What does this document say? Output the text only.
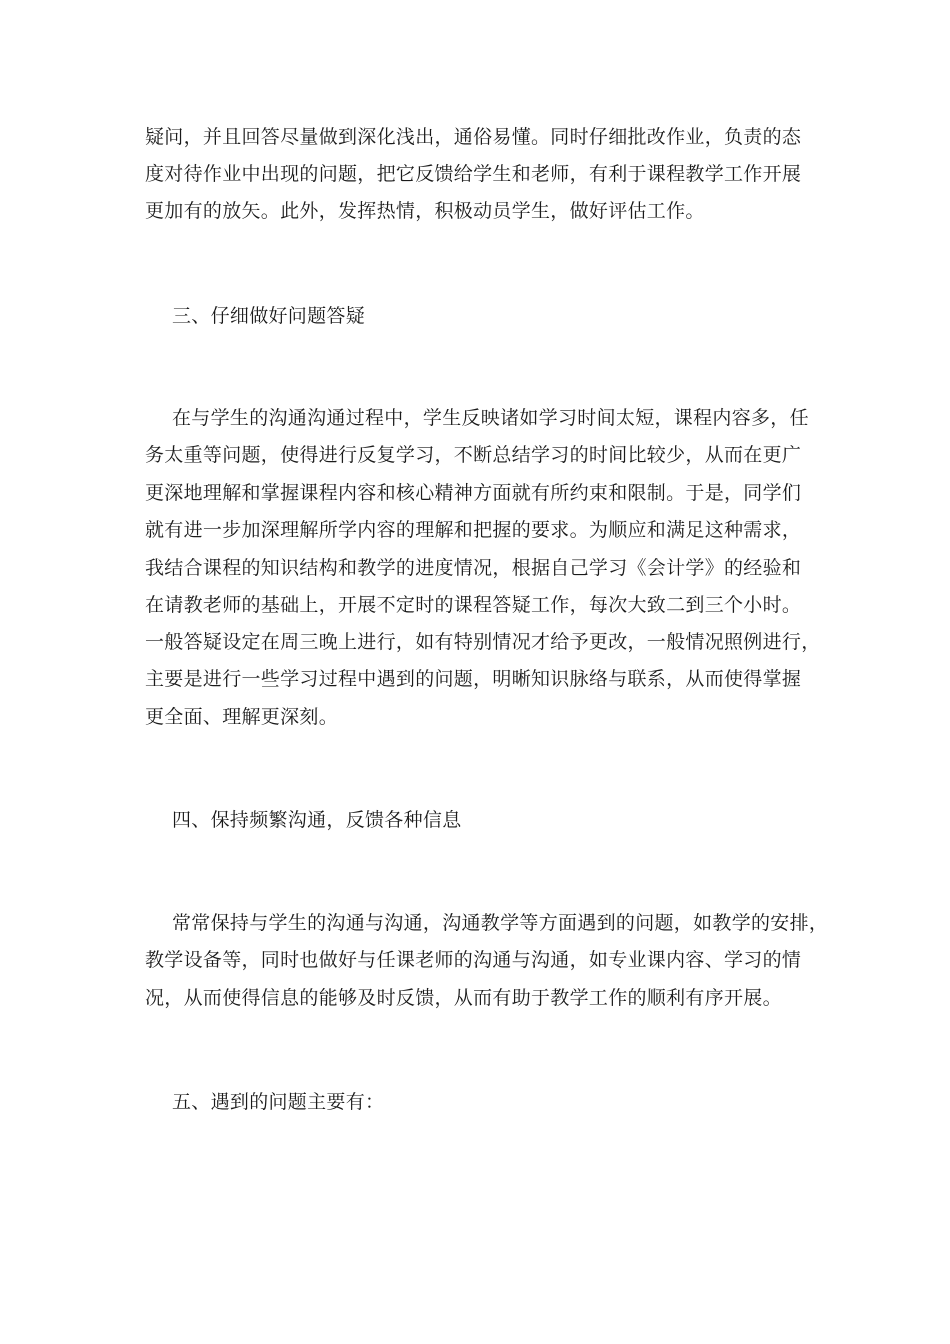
疑问，并且回答尽量做到深化浅出，通俗易懂。同时仔细批改作业，负责的态
度对待作业中出现的问题，把它反馈给学生和老师，有利于课程教学工作开展
更加有的放矢。此外，发挥热情，积极动员学生，做好评估工作。
三、仔细做好问题答疑
在与学生的沟通沟通过程中，学生反映诸如学习时间太短，课程内容多，任
务太重等问题，使得进行反复学习，不断总结学习的时间比较少，从而在更广
更深地理解和掌握课程内容和核心精神方面就有所约束和限制。于是，同学们
就有进一步加深理解所学内容的理解和把握的要求。为顺应和满足这种需求，
我结合课程的知识结构和教学的进度情况，根据自己学习《会计学》的经验和
在请教老师的基础上，开展不定时的课程答疑工作，每次大致二到三个小时。
一般答疑设定在周三晚上进行，如有特别情况才给予更改，一般情况照例进行，
主要是进行一些学习过程中遇到的问题，明晰知识脉络与联系，从而使得掌握
更全面、理解更深刻。
四、保持频繁沟通，反馈各种信息
常常保持与学生的沟通与沟通，沟通教学等方面遇到的问题，如教学的安排，
教学设备等，同时也做好与任课老师的沟通与沟通，如专业课内容、学习的情
况，从而使得信息的能够及时反馈，从而有助于教学工作的顺利有序开展。
五、遇到的问题主要有：
